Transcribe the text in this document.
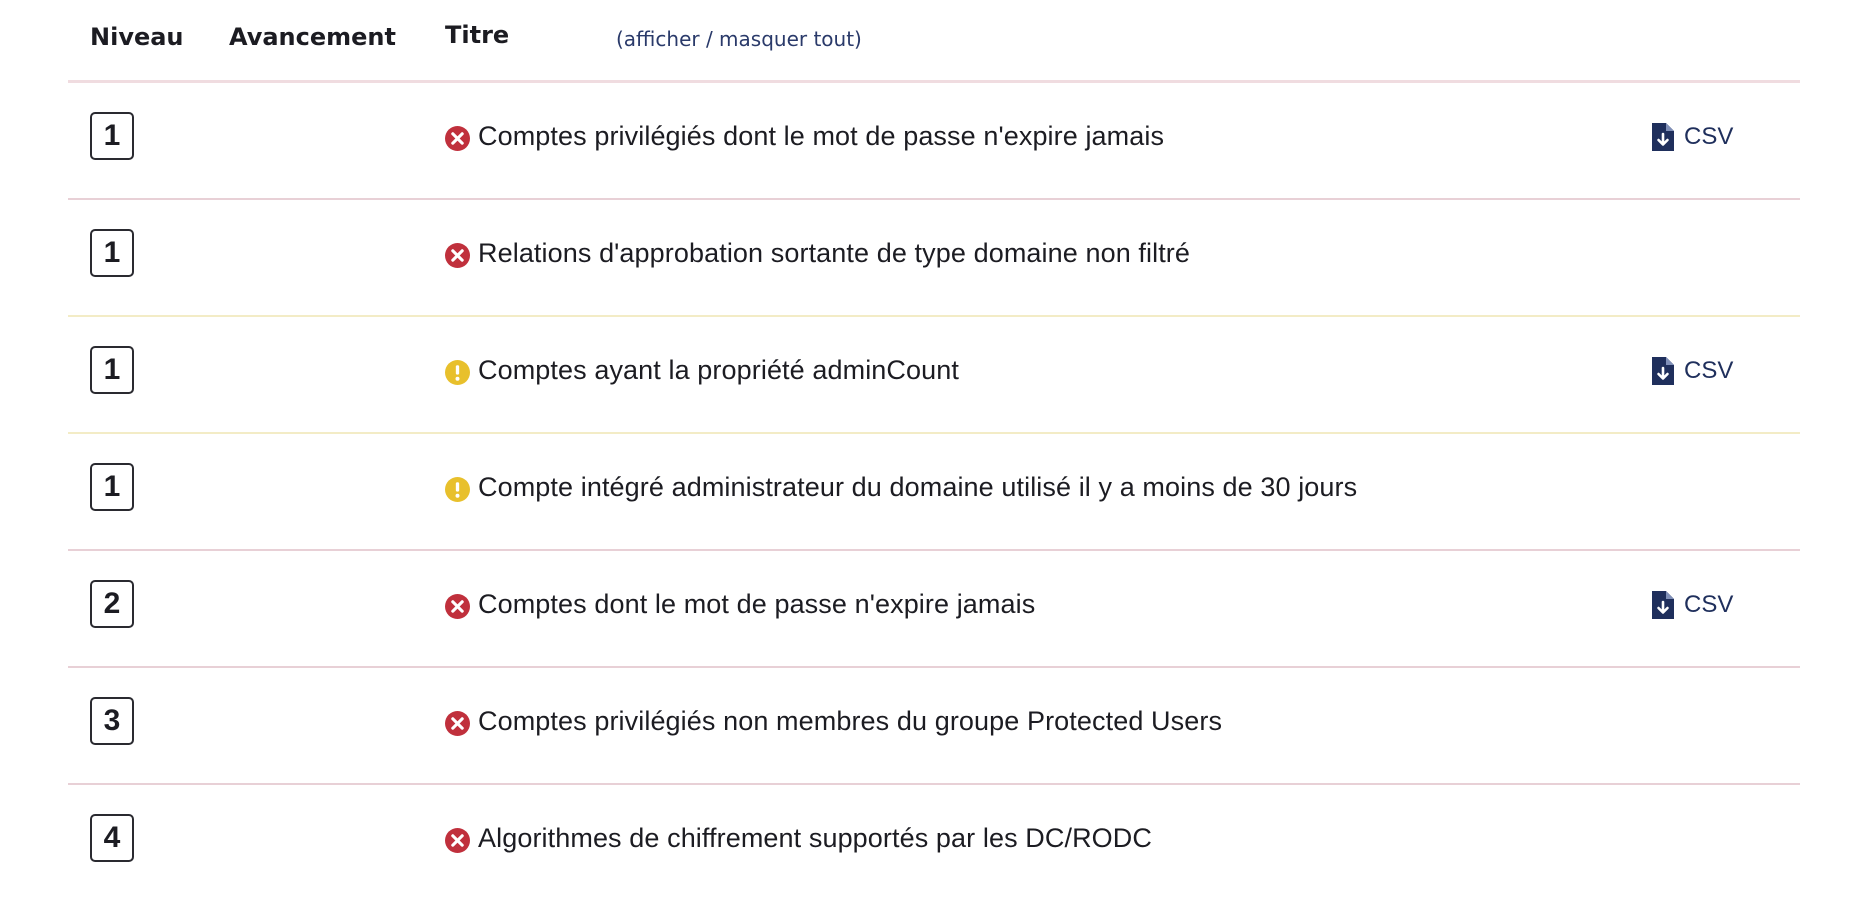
Niveau Avancement Titre	(afficher / masquer tout)
1	Comptes privilégiés dont le mot de passe n'expire jamais	CSV
1	Relations d'approbation sortante de type domaine non filtré
1	Comptes ayant la propriété adminCount	CSV
1	Compte intégré administrateur du domaine utilisé il y a moins de 30 jours
2	Comptes dont le mot de passe n'expire jamais	CSV
3	Comptes privilégiés non membres du groupe Protected Users
4	Algorithmes de chiffrement supportés par les DC/RODC
